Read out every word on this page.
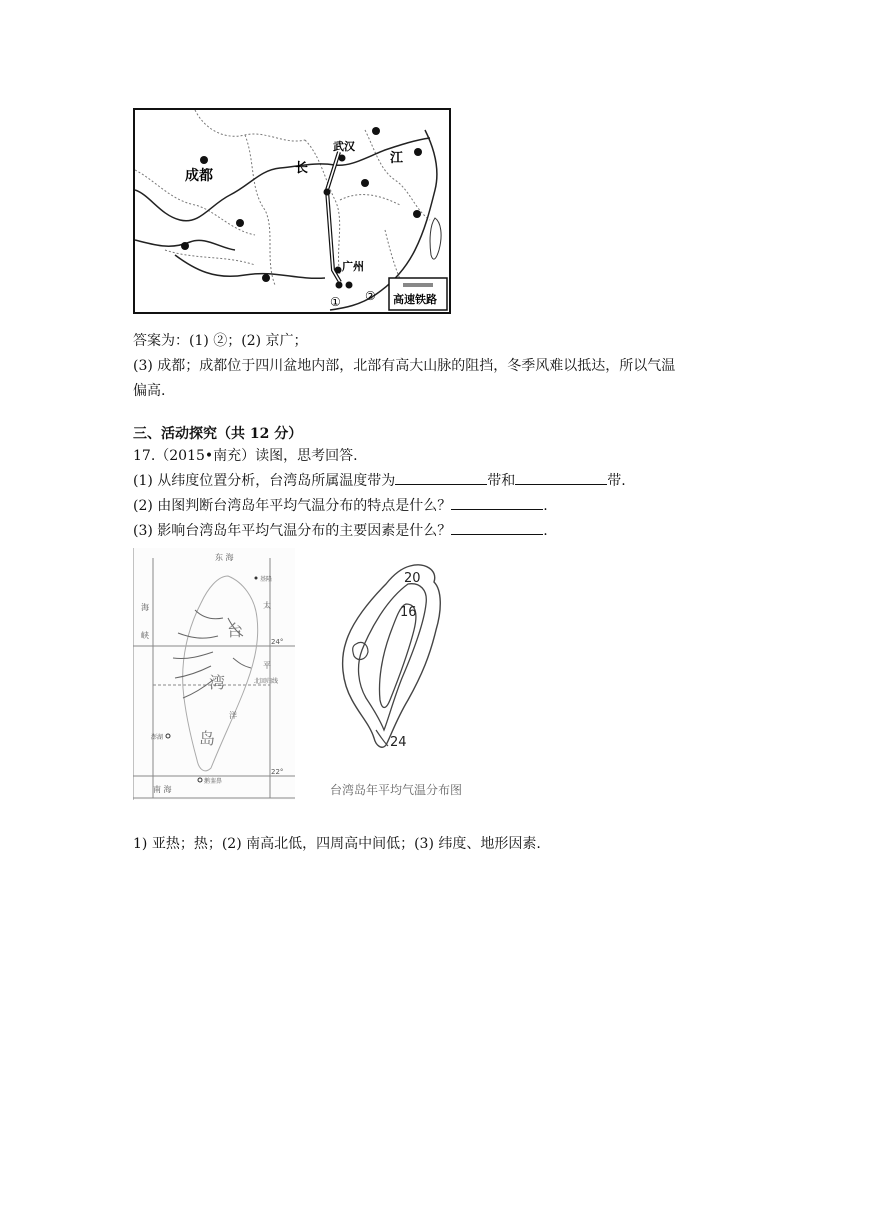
成都
武汉
广州
长
江
① ② 高速铁路
答案为：(1) ②；(2) 京广；
(3) 成都；成都位于四川盆地内部，北部有高大山脉的阻挡，冬季风难以抵达，所以气温
偏高.
三、活动探究（共 12 分）
17.（2015•南充）读图，思考回答.
(1) 从纬度位置分析，台湾岛所属温度带为	带和	带.
(2) 由图判断台湾岛年平均气温分布的特点是什么？	.
(3) 影响台湾岛年平均气温分布的主要因素是什么？	.
东 海
基隆
24°
22°
北回归线
澎湖
鹅銮鼻
南 海
海
峡
太
平
洋
台
湾
岛
20
16
24
台湾岛年平均气温分布图
1) 亚热；热；(2) 南高北低，四周高中间低；(3) 纬度、地形因素.
